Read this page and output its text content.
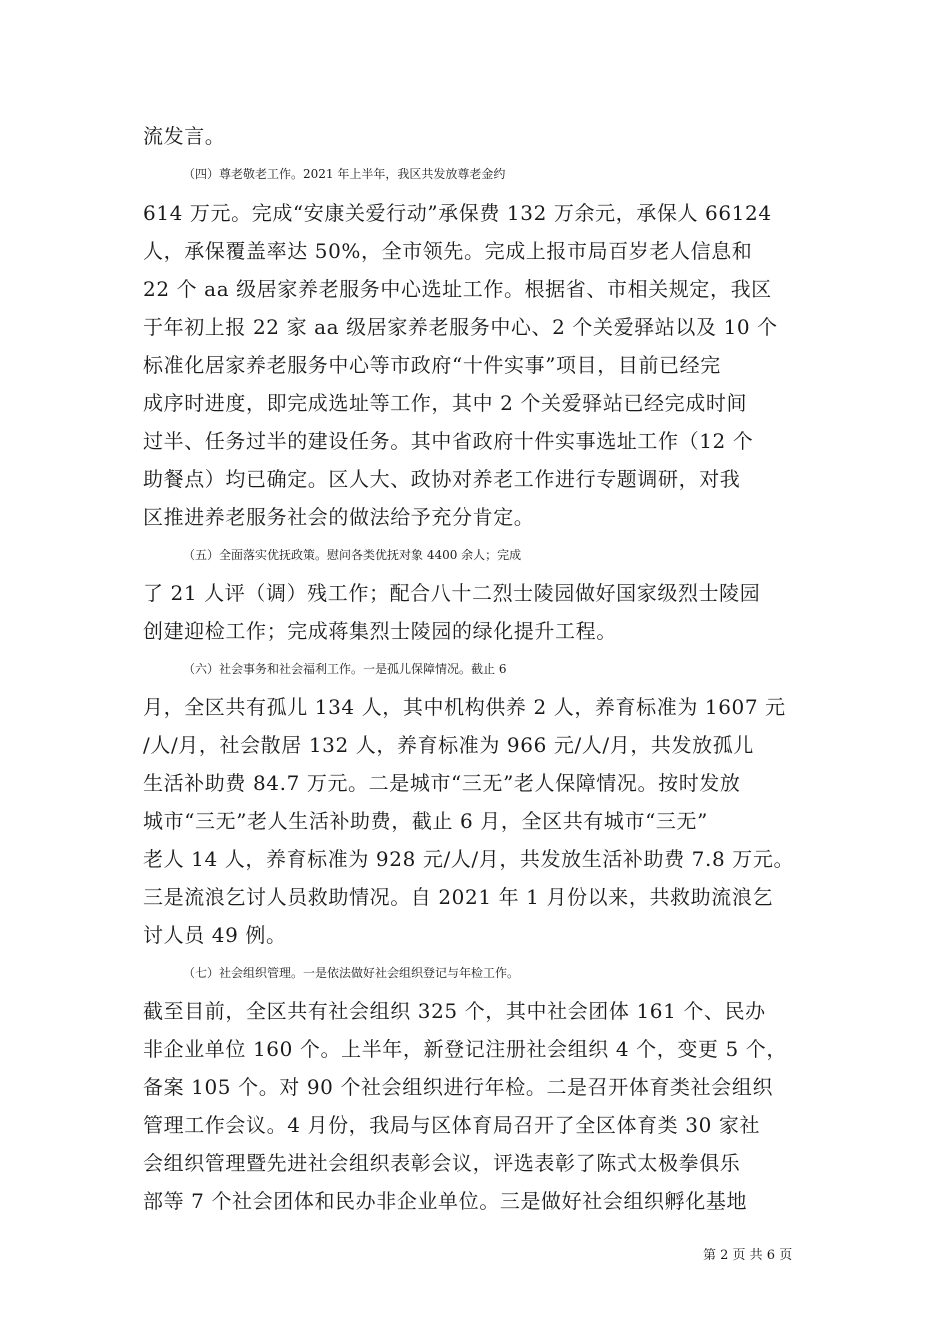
流发言。
（四）尊老敬老工作。2021 年上半年，我区共发放尊老金约
614 万元。完成“安康关爱行动”承保费 132 万余元，承保人 66124
人，承保覆盖率达 50%，全市领先。完成上报市局百岁老人信息和
22 个 aa 级居家养老服务中心选址工作。根据省、市相关规定，我区
于年初上报 22 家 aa 级居家养老服务中心、2 个关爱驿站以及 10 个
标准化居家养老服务中心等市政府“十件实事”项目，目前已经完
成序时进度，即完成选址等工作，其中 2 个关爱驿站已经完成时间
过半、任务过半的建设任务。其中省政府十件实事选址工作（12 个
助餐点）均已确定。区人大、政协对养老工作进行专题调研，对我
区推进养老服务社会的做法给予充分肯定。
（五）全面落实优抚政策。慰问各类优抚对象 4400 余人；完成
了 21 人评（调）残工作；配合八十二烈士陵园做好国家级烈士陵园
创建迎检工作；完成蒋集烈士陵园的绿化提升工程。
（六）社会事务和社会福利工作。一是孤儿保障情况。截止 6
月，全区共有孤儿 134 人，其中机构供养 2 人，养育标准为 1607 元
/人/月，社会散居 132 人，养育标准为 966 元/人/月，共发放孤儿
生活补助费 84.7 万元。二是城市“三无”老人保障情况。按时发放
城市“三无”老人生活补助费，截止 6 月，全区共有城市“三无”
老人 14 人，养育标准为 928 元/人/月，共发放生活补助费 7.8 万元。
三是流浪乞讨人员救助情况。自 2021 年 1 月份以来，共救助流浪乞
讨人员 49 例。
（七）社会组织管理。一是依法做好社会组织登记与年检工作。
截至目前，全区共有社会组织 325 个，其中社会团体 161 个、民办
非企业单位 160 个。上半年，新登记注册社会组织 4 个，变更 5 个，
备案 105 个。对 90 个社会组织进行年检。二是召开体育类社会组织
管理工作会议。4 月份，我局与区体育局召开了全区体育类 30 家社
会组织管理暨先进社会组织表彰会议，评选表彰了陈式太极拳俱乐
部等 7 个社会团体和民办非企业单位。三是做好社会组织孵化基地
第 2 页 共 6 页
